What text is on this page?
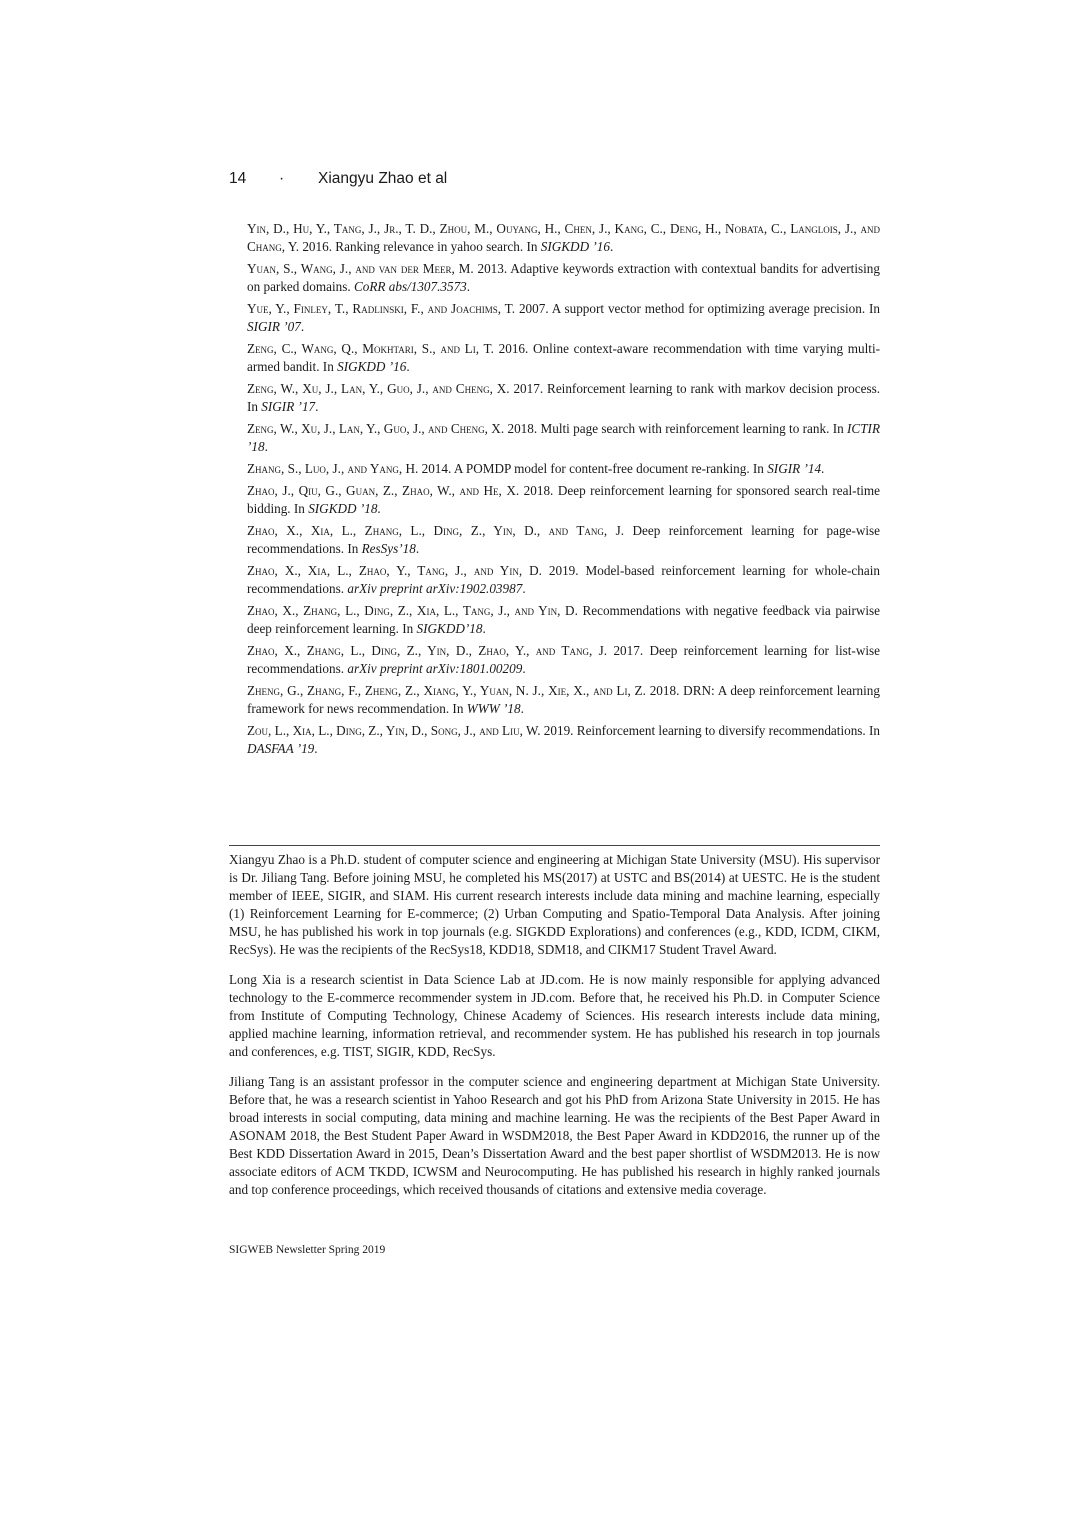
14 · Xiangyu Zhao et al

Yin, D., Hu, Y., Tang, J., Jr., T. D., Zhou, M., Ouyang, H., Chen, J., Kang, C., Deng, H., Nobata, C., Langlois, J., and Chang, Y. 2016. Ranking relevance in yahoo search. In SIGKDD ’16.

Yuan, S., Wang, J., and van der Meer, M. 2013. Adaptive keywords extraction with contextual bandits for advertising on parked domains. CoRR abs/1307.3573.

Yue, Y., Finley, T., Radlinski, F., and Joachims, T. 2007. A support vector method for optimizing average precision. In SIGIR ’07.

Zeng, C., Wang, Q., Mokhtari, S., and Li, T. 2016. Online context-aware recommendation with time varying multi-armed bandit. In SIGKDD ’16.

Zeng, W., Xu, J., Lan, Y., Guo, J., and Cheng, X. 2017. Reinforcement learning to rank with markov decision process. In SIGIR ’17.

Zeng, W., Xu, J., Lan, Y., Guo, J., and Cheng, X. 2018. Multi page search with reinforcement learning to rank. In ICTIR ’18.

Zhang, S., Luo, J., and Yang, H. 2014. A POMDP model for content-free document re-ranking. In SIGIR ’14.

Zhao, J., Qiu, G., Guan, Z., Zhao, W., and He, X. 2018. Deep reinforcement learning for sponsored search real-time bidding. In SIGKDD ’18.

Zhao, X., Xia, L., Zhang, L., Ding, Z., Yin, D., and Tang, J. Deep reinforcement learning for page-wise recommendations. In ResSys’18.

Zhao, X., Xia, L., Zhao, Y., Tang, J., and Yin, D. 2019. Model-based reinforcement learning for whole-chain recommendations. arXiv preprint arXiv:1902.03987.

Zhao, X., Zhang, L., Ding, Z., Xia, L., Tang, J., and Yin, D. Recommendations with negative feedback via pairwise deep reinforcement learning. In SIGKDD’18.

Zhao, X., Zhang, L., Ding, Z., Yin, D., Zhao, Y., and Tang, J. 2017. Deep reinforcement learning for list-wise recommendations. arXiv preprint arXiv:1801.00209.

Zheng, G., Zhang, F., Zheng, Z., Xiang, Y., Yuan, N. J., Xie, X., and Li, Z. 2018. DRN: A deep reinforcement learning framework for news recommendation. In WWW ’18.

Zou, L., Xia, L., Ding, Z., Yin, D., Song, J., and Liu, W. 2019. Reinforcement learning to diversify recommendations. In DASFAA ’19.

Xiangyu Zhao is a Ph.D. student of computer science and engineering at Michigan State University (MSU). His supervisor is Dr. Jiliang Tang. Before joining MSU, he completed his MS(2017) at USTC and BS(2014) at UESTC. He is the student member of IEEE, SIGIR, and SIAM. His current research interests include data mining and machine learning, especially (1) Reinforcement Learning for E-commerce; (2) Urban Computing and Spatio-Temporal Data Analysis. After joining MSU, he has published his work in top journals (e.g. SIGKDD Explorations) and conferences (e.g., KDD, ICDM, CIKM, RecSys). He was the recipients of the RecSys18, KDD18, SDM18, and CIKM17 Student Travel Award.

Long Xia is a research scientist in Data Science Lab at JD.com. He is now mainly responsible for applying advanced technology to the E-commerce recommender system in JD.com. Before that, he received his Ph.D. in Computer Science from Institute of Computing Technology, Chinese Academy of Sciences. His research interests include data mining, applied machine learning, information retrieval, and recommender system. He has published his research in top journals and conferences, e.g. TIST, SIGIR, KDD, RecSys.

Jiliang Tang is an assistant professor in the computer science and engineering department at Michigan State University. Before that, he was a research scientist in Yahoo Research and got his PhD from Arizona State University in 2015. He has broad interests in social computing, data mining and machine learning. He was the recipients of the Best Paper Award in ASONAM 2018, the Best Student Paper Award in WSDM2018, the Best Paper Award in KDD2016, the runner up of the Best KDD Dissertation Award in 2015, Dean’s Dissertation Award and the best paper shortlist of WSDM2013. He is now associate editors of ACM TKDD, ICWSM and Neurocomputing. He has published his research in highly ranked journals and top conference proceedings, which received thousands of citations and extensive media coverage.

SIGWEB Newsletter Spring 2019
